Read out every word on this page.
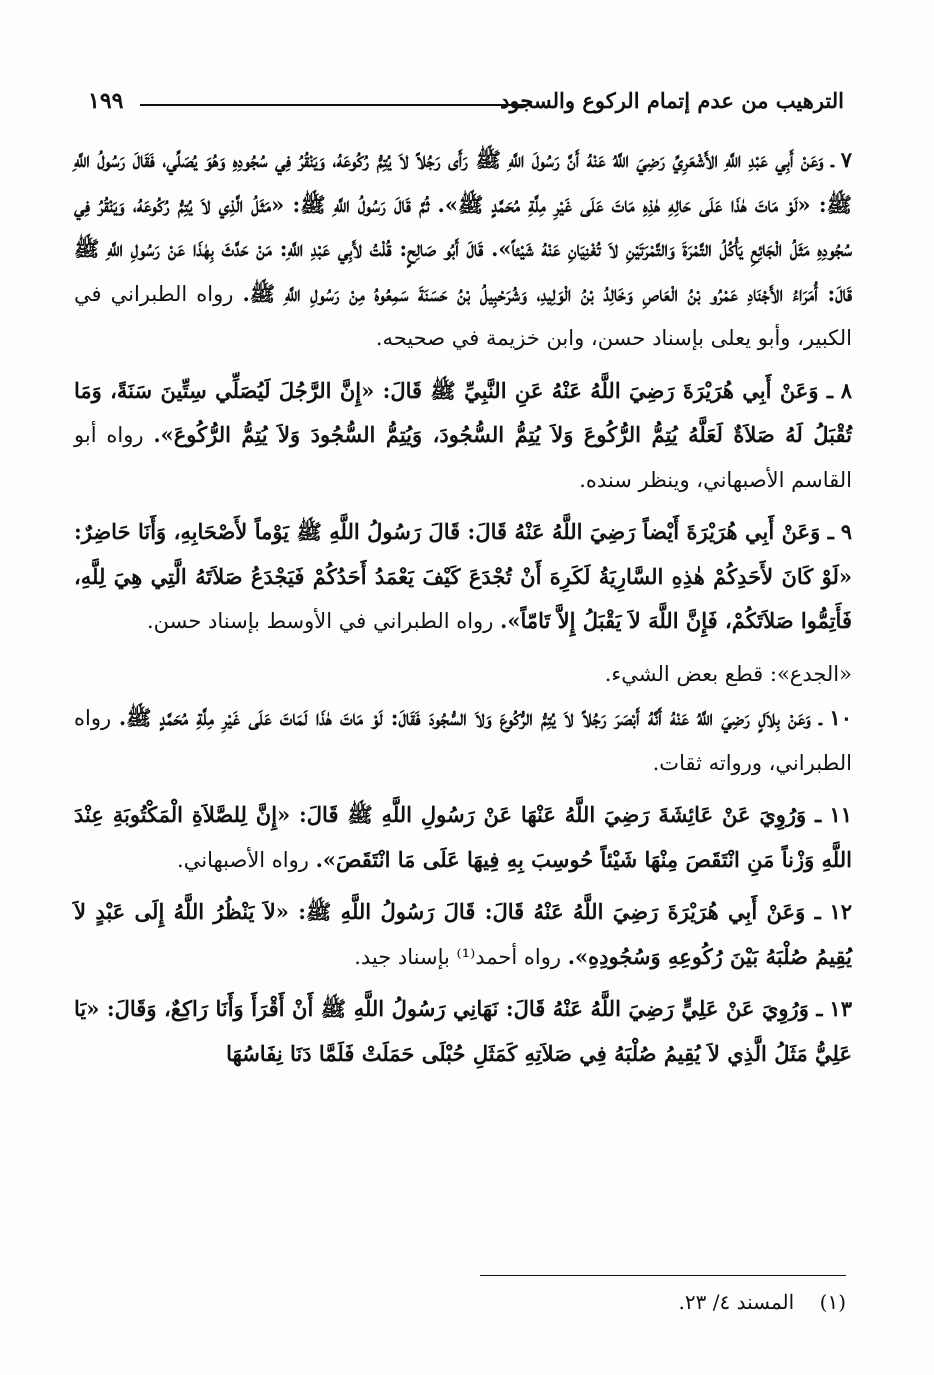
الترهيب من عدم إتمام الركوع والسجود
١٩٩

٧ ـ وَعَنْ أَبِي عَبْدِ اللَّهِ الأَشْعَرِيِّ رَضِيَ اللَّهُ عَنْهُ أَنَّ رَسُولَ اللَّهِ ﷺ رَأَى رَجُلاً لاَ يُتِمُّ رُكُوعَهُ، وَيَنْقُرُ فِي سُجُودِهِ وَهُوَ يُصَلِّي، فَقَالَ رَسُولُ اللَّهِ ﷺ: «لَوْ مَاتَ هٰذَا عَلَى حَالِهِ هٰذِهِ مَاتَ عَلَى غَيْرِ مِلَّةِ مُحَمَّدٍ ﷺ». ثُمَّ قَالَ رَسُولُ اللَّهِ ﷺ: «مَثَلُ الَّذِي لاَ يُتِمُّ رُكُوعَهُ، وَيَنْقُرُ فِي سُجُودِهِ مَثَلُ الْجَائِعِ يَأْكُلُ التَّمْرَةَ وَالتَّمْرَتَيْنِ لاَ تُغْنِيَانِ عَنْهُ شَيْئاً». قَالَ أَبُو صَالِحٍ: قُلْتُ لأَبِي عَبْدِ اللَّهِ: مَنْ حَدَّثَ بِهٰذَا عَنْ رَسُولِ اللَّهِ ﷺ قَالَ: أُمَرَاءُ الأَجْنَادِ عَمْرُو بْنُ الْعَاصِ وَخَالِدُ بْنُ الْوَلِيدِ، وَشُرَحْبِيلُ بْنُ حَسَنَةَ سَمِعُوهُ مِنْ رَسُولِ اللَّهِ ﷺ. رواه الطبراني في الكبير، وأبو يعلى بإسناد حسن، وابن خزيمة في صحيحه.

٨ ـ وَعَنْ أَبِي هُرَيْرَةَ رَضِيَ اللَّهُ عَنْهُ عَنِ النَّبِيِّ ﷺ قَالَ: «إِنَّ الرَّجُلَ لَيُصَلِّي سِتِّينَ سَنَةً، وَمَا تُقْبَلُ لَهُ صَلاَةٌ لَعَلَّهُ يُتِمُّ الرُّكُوعَ وَلاَ يُتِمُّ السُّجُودَ، وَيُتِمُّ السُّجُودَ وَلاَ يُتِمُّ الرُّكُوعَ». رواه أبو القاسم الأصبهاني، وينظر سنده.

٩ ـ وَعَنْ أَبِي هُرَيْرَةَ أَيْضاً رَضِيَ اللَّهُ عَنْهُ قَالَ: قَالَ رَسُولُ اللَّهِ ﷺ يَوْماً لأَصْحَابِهِ، وَأَنَا حَاضِرٌ: «لَوْ كَانَ لأَحَدِكُمْ هٰذِهِ السَّارِيَةُ لَكَرِهَ أَنْ تُجْدَعَ كَيْفَ يَعْمَدُ أَحَدُكُمْ فَيَجْدَعُ صَلاَتَهُ الَّتِي هِيَ لِلَّهِ، فَأَتِمُّوا صَلاَتَكُمْ، فَإِنَّ اللَّهَ لاَ يَقْبَلُ إِلاَّ تَامّاً». رواه الطبراني في الأوسط بإسناد حسن.

«الجدع»: قطع بعض الشيء.

١٠ ـ وَعَنْ بِلاَلٍ رَضِيَ اللَّهُ عَنْهُ أَنَّهُ أَبْصَرَ رَجُلاً لاَ يُتِمُّ الرُّكُوعَ وَلاَ السُّجُودَ فَقَالَ: لَوْ مَاتَ هٰذَا لَمَاتَ عَلَى غَيْرِ مِلَّةِ مُحَمَّدٍ ﷺ. رواه الطبراني، ورواته ثقات.

١١ ـ وَرُوِيَ عَنْ عَائِشَةَ رَضِيَ اللَّهُ عَنْهَا عَنْ رَسُولِ اللَّهِ ﷺ قَالَ: «إِنَّ لِلصَّلاَةِ الْمَكْتُوبَةِ عِنْدَ اللَّهِ وَزْناً مَنِ انْتَقَصَ مِنْهَا شَيْئاً حُوسِبَ بِهِ فِيهَا عَلَى مَا انْتَقَصَ». رواه الأصبهاني.

١٢ ـ وَعَنْ أَبِي هُرَيْرَةَ رَضِيَ اللَّهُ عَنْهُ قَالَ: قَالَ رَسُولُ اللَّهِ ﷺ: «لاَ يَنْظُرُ اللَّهُ إِلَى عَبْدٍ لاَ يُقِيمُ صُلْبَهُ بَيْنَ رُكُوعِهِ وَسُجُودِهِ». رواه أحمد⁽¹⁾ بإسناد جيد.

١٣ ـ وَرُوِيَ عَنْ عَلِيٍّ رَضِيَ اللَّهُ عَنْهُ قَالَ: نَهَانِي رَسُولُ اللَّهِ ﷺ أَنْ أَقْرَأَ وَأَنَا رَاكِعٌ، وَقَالَ: «يَا عَلِيُّ مَثَلُ الَّذِي لاَ يُقِيمُ صُلْبَهُ فِي صَلاَتِهِ كَمَثَلِ حُبْلَى حَمَلَتْ فَلَمَّا دَنَا نِفَاسُهَا

(١)    المسند ٤/ ٢٣.
